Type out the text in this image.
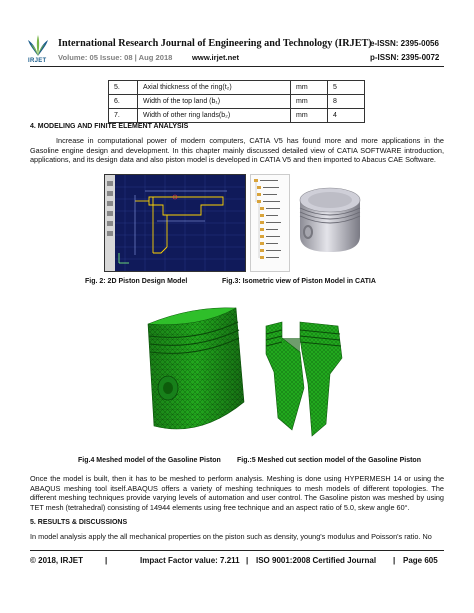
IRJET
International Research Journal of Engineering and Technology (IRJET)
e-ISSN: 2395-0056
Volume: 05 Issue: 08 | Aug 2018	www.irjet.net	p-ISSN: 2395-0072
5.	Axial thickness of the ring(t₂)	mm	5
6.	Width of the top land (b₁)	mm	8
7.	Width of other ring lands(b₂)	mm	4
4. MODELING AND FINITE ELEMENT ANALYSIS
Increase in computational power of modern computers, CATIA V5 has found more and more applications in the Gasoline engine design and development. In this chapter mainly discussed detailed view of CATIA SOFTWARE introduction, applications, and its design data and also piston model is developed in CATIA V5 and then imported to Abacus CAE Software.
Fig. 2: 2D Piston Design Model	Fig.3: Isometric view of Piston Model in CATIA
Fig.4 Meshed model of the Gasoline Piston Fig.:5 Meshed cut section model of the Gasoline Piston
Once the model is built, then it has to be meshed to perform analysis. Meshing is done using HYPERMESH 14 or using the ABAQUS meshing tool itself.ABAQUS offers a variety of meshing techniques to mesh models of different topologies. The different meshing techniques provide varying levels of automation and user control. The Gasoline piston was meshed by using TET mesh (tetrahedral) consisting of 14944 elements using free technique and an aspect ratio of 5.0, skew angle 60°.
5. RESULTS & DISCUSSIONS
In model analysis apply the all mechanical properties on the piston such as density, young's modulus and Poisson's ratio. No
© 2018, IRJET	|	Impact Factor value: 7.211 | ISO 9001:2008 Certified Journal | Page 605
